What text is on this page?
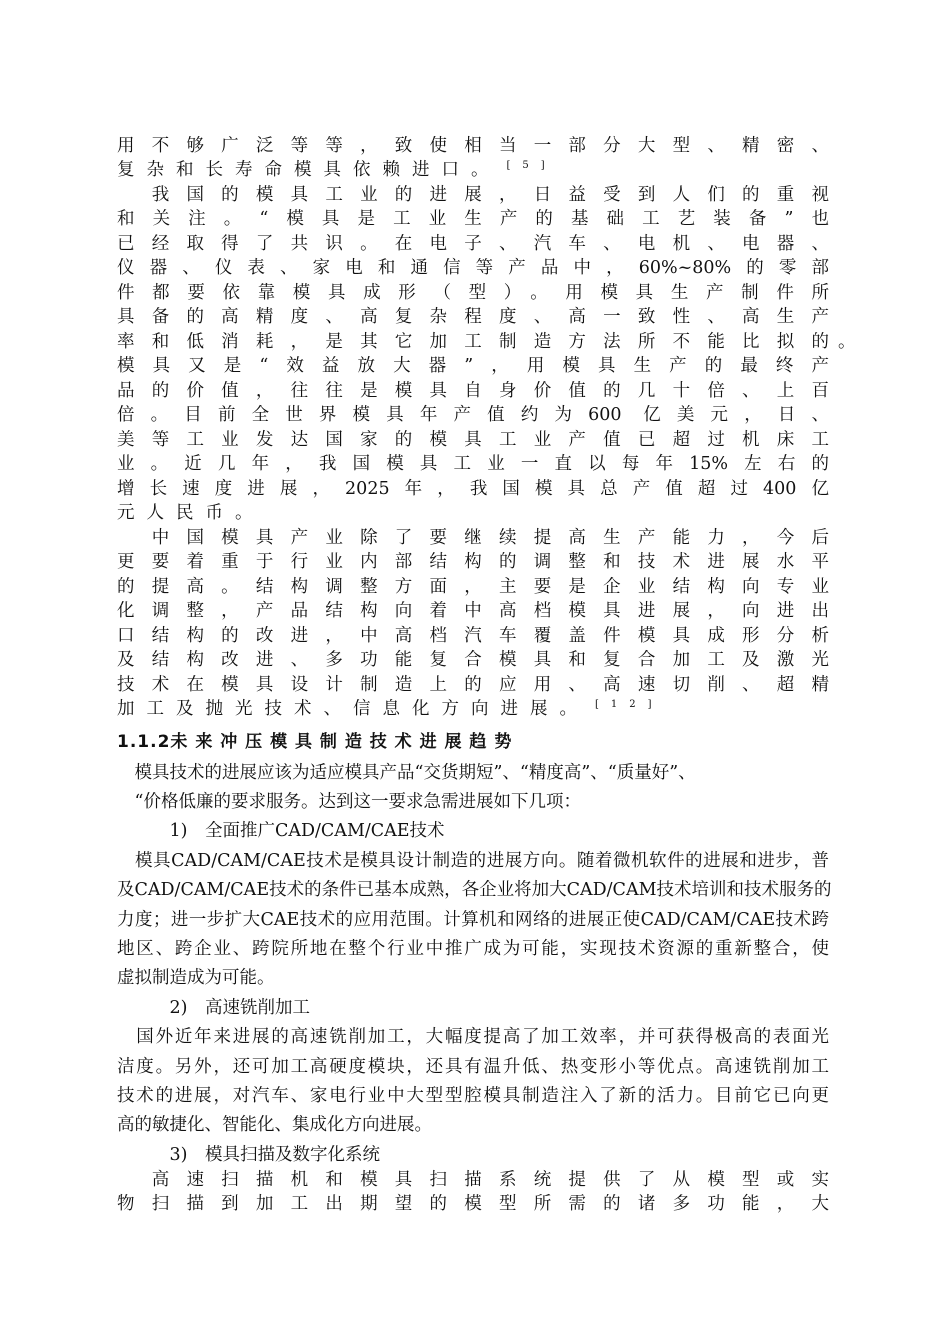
用不够广泛等等，致使相当一部分大型、精密、
复杂和长寿命模具依赖进口。 [5]
　我国的模具工业的进展，日益受到人们的重视
和关注。“模具是工业生产的基础工艺装备”也
已经取得了共识。在电子、汽车、电机、电器、
仪器、仪表、家电和通信等产品中，60%~80%的零部
件都要依靠模具成形（型）。用模具生产制件所
具备的高精度、高复杂程度、高一致性、高生产
率和低消耗，是其它加工制造方法所不能比拟的 。
模具又是“效益放大器”，用模具生产的最终产
品的价值，往往是模具自身价值的几十倍、上百
倍。目前全世界模具年产值约为600 亿美元，日、
美等工业发达国家的模具工业产值已超过机床工
业。近几年，我国模具工业一直以每年15%左右的
增长速度进展，2025年，我国模具总产值超过400亿
元人民币。
　中国模具产业除了要继续提高生产能力，今后
更要着重于行业内部结构的调整和技术进展水平
的提高。结构调整方面，主要是企业结构向专业
化调整，产品结构向着中高档模具进展，向进出
口结构的改进，中高档汽车覆盖件模具成形分析
及结构改进、多功能复合模具和复合加工及激光
技术在模具设计制造上的应用、高速切削、超精
加工及抛光技术、信息化方向进展。 [12]
1.1.2未 来 冲 压 模 具 制 造 技 术 进 展 趋 势
　模具技术的进展应该为适应模具产品“交货期短”、“精度高”、“质量好”、
　“价格低廉的要求服务。达到这一要求急需进展如下几项：
　　　1)　全面推广CAD/CAM/CAE技术
　模具CAD/CAM/CAE技术是模具设计制造的进展方向。随着微机软件的进展和进步，普
及CAD/CAM/CAE技术的条件已基本成熟，各企业将加大CAD/CAM技术培训和技术服务的
力度；进一步扩大CAE技术的应用范围。计算机和网络的进展正使CAD/CAM/CAE技术跨
地区、跨企业、跨院所地在整个行业中推广成为可能，实现技术资源的重新整合，使
虚拟制造成为可能。
　　　2)　高速铣削加工
　国外近年来进展的高速铣削加工，大幅度提高了加工效率，并可获得极高的表面光
洁度。另外，还可加工高硬度模块，还具有温升低、热变形小等优点。高速铣削加工
技术的进展，对汽车、家电行业中大型型腔模具制造注入了新的活力。目前它已向更
高的敏捷化、智能化、集成化方向进展。
　　　3)　模具扫描及数字化系统
　高速扫描机和模具扫描系统提供了从模型或实
物扫描到加工出期望的模型所需的诸多功能，大
